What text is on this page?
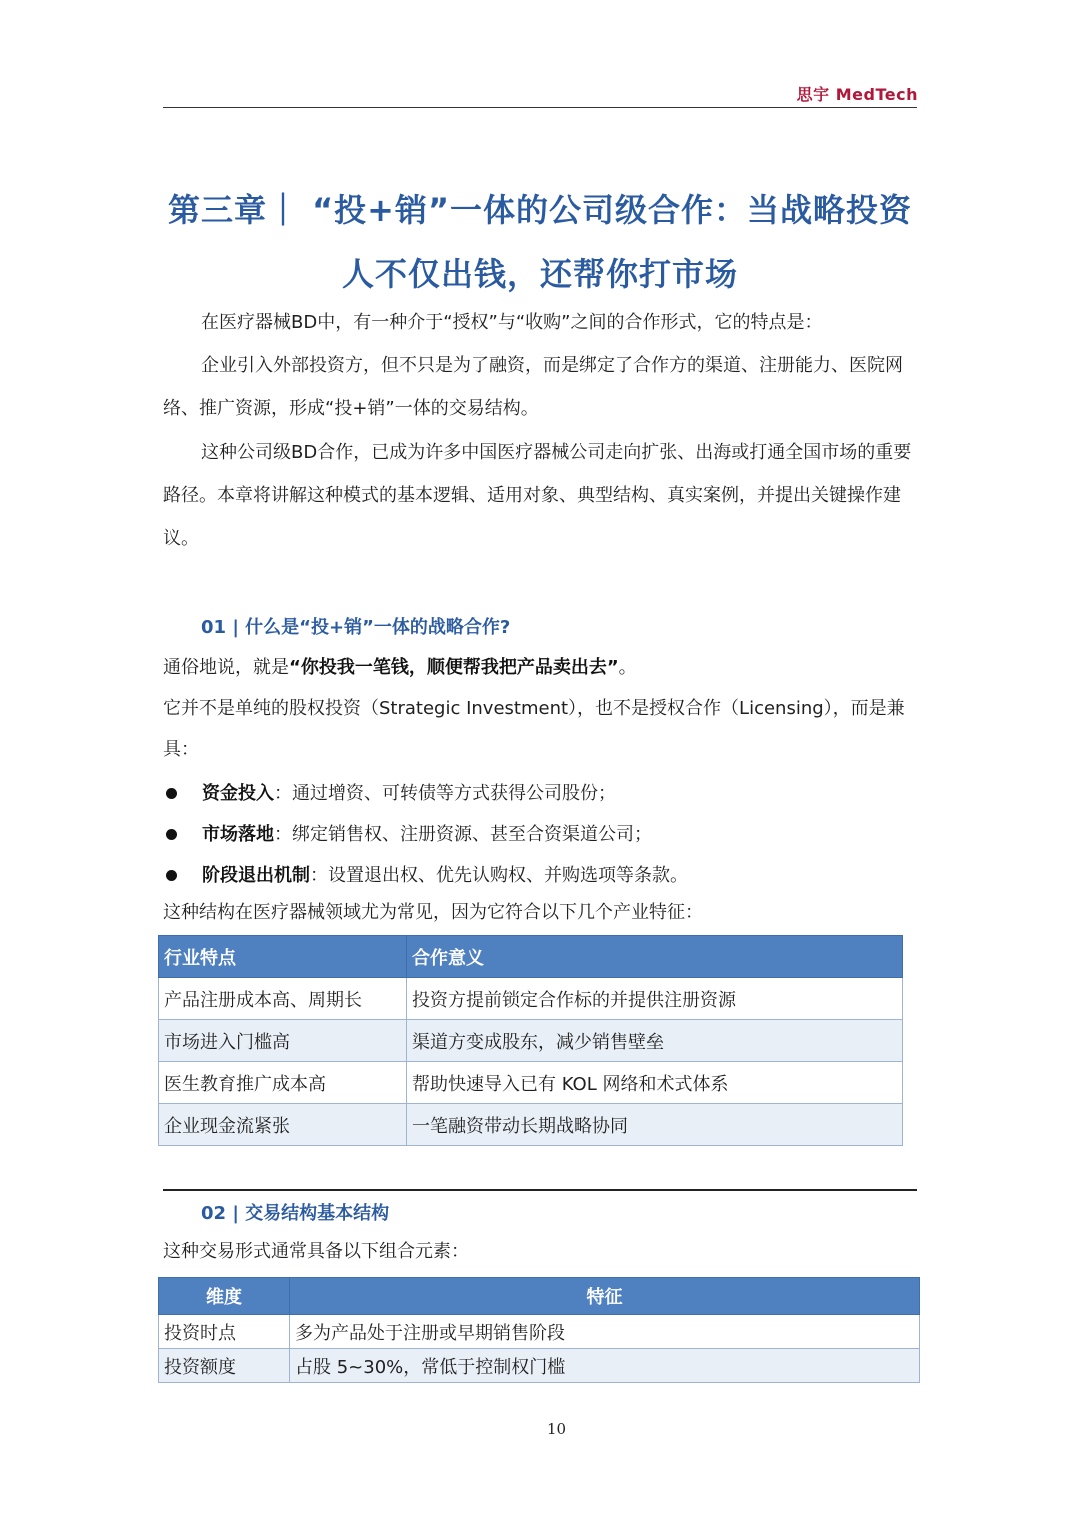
思宇 MedTech
第三章｜ “投+销”一体的公司级合作：当战略投资人不仅出钱，还帮你打市场
在医疗器械BD中，有一种介于“授权”与“收购”之间的合作形式，它的特点是：
企业引入外部投资方，但不只是为了融资，而是绑定了合作方的渠道、注册能力、医院网络、推广资源，形成“投+销”一体的交易结构。
这种公司级BD合作，已成为许多中国医疗器械公司走向扩张、出海或打通全国市场的重要路径。本章将讲解这种模式的基本逻辑、适用对象、典型结构、真实案例，并提出关键操作建议。
01 | 什么是“投+销”一体的战略合作?
通俗地说，就是“你投我一笔钱，顺便帮我把产品卖出去”。
它并不是单纯的股权投资（Strategic Investment），也不是授权合作（Licensing），而是兼具：
资金投入：通过增资、可转债等方式获得公司股份；
市场落地：绑定销售权、注册资源、甚至合资渠道公司；
阶段退出机制：设置退出权、优先认购权、并购选项等条款。
这种结构在医疗器械领域尤为常见，因为它符合以下几个产业特征：
行业特点	合作意义
产品注册成本高、周期长	投资方提前锁定合作标的并提供注册资源
市场进入门槛高	渠道方变成股东，减少销售壁垒
医生教育推广成本高	帮助快速导入已有 KOL 网络和术式体系
企业现金流紧张	一笔融资带动长期战略协同
02 | 交易结构基本结构
这种交易形式通常具备以下组合元素：
维度	特征
投资时点	多为产品处于注册或早期销售阶段
投资额度	占股 5~30%，常低于控制权门槛
10
